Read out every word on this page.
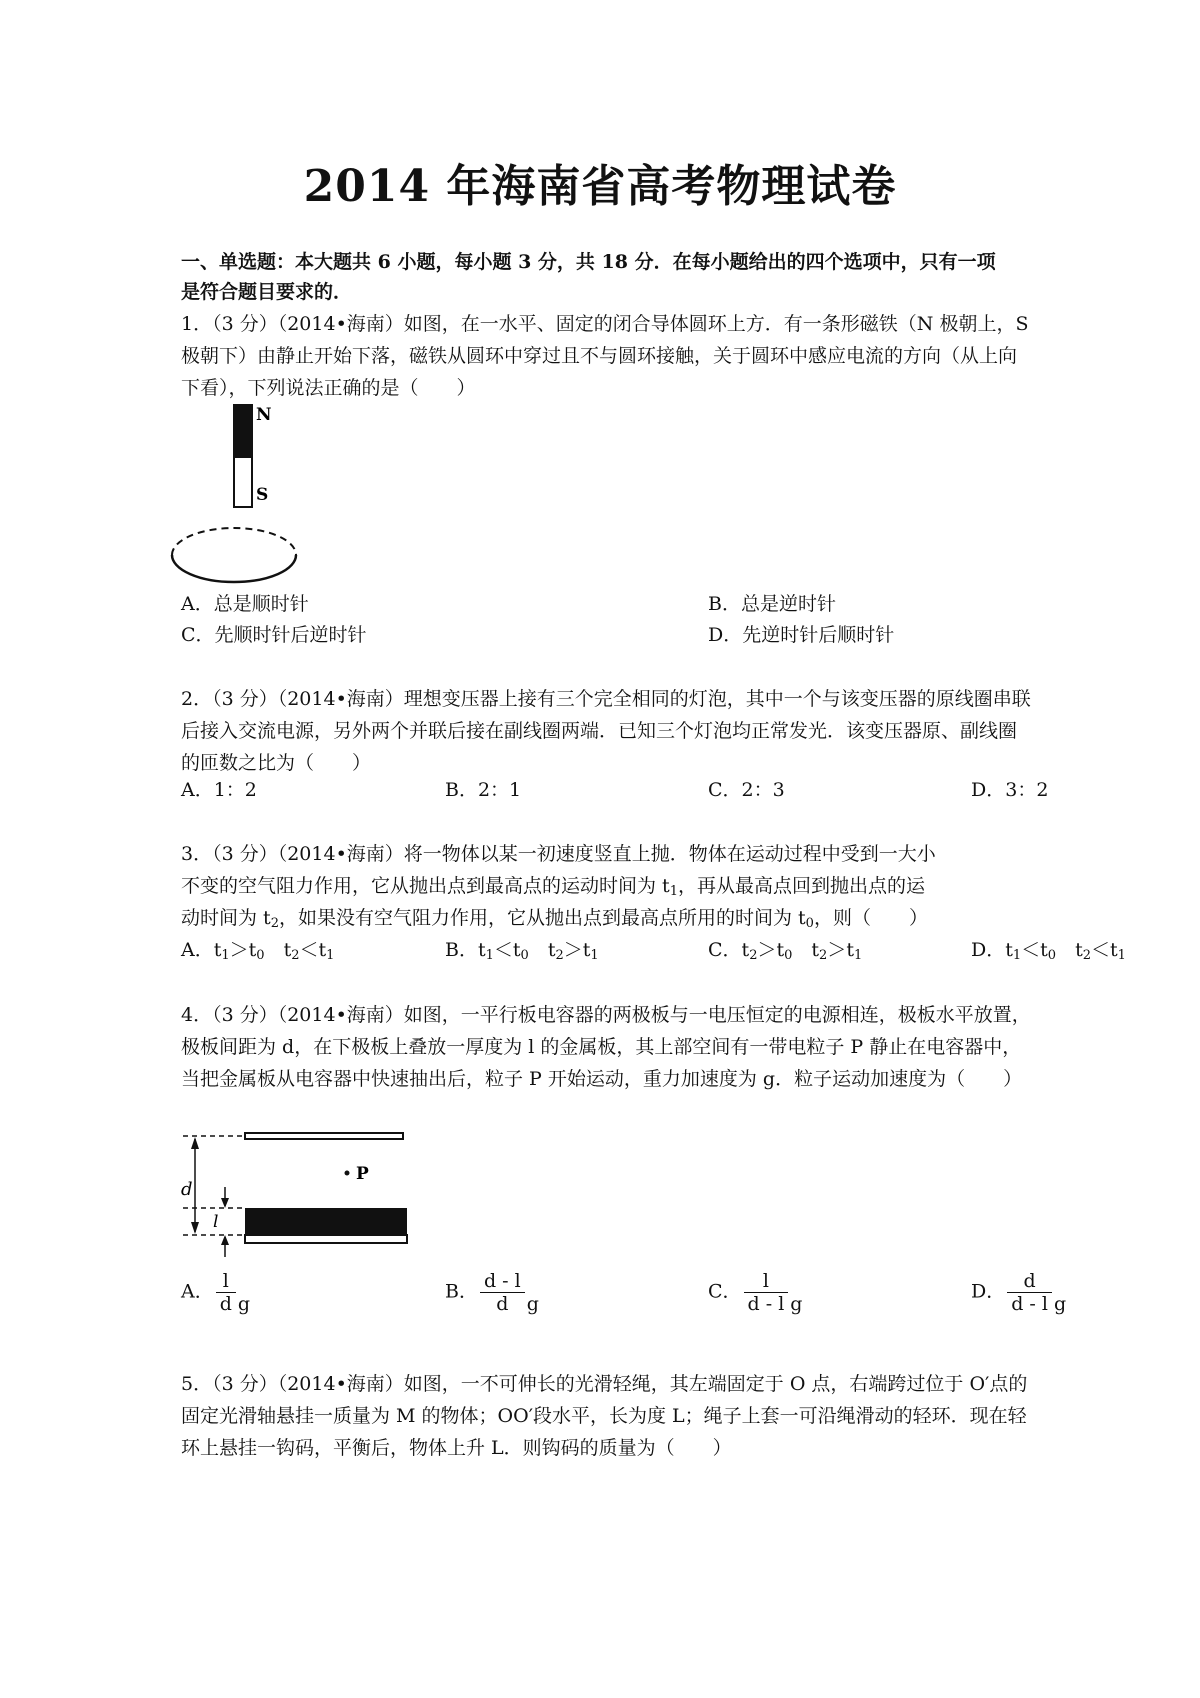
2014 年海南省高考物理试卷
一、单选题：本大题共 6 小题，每小题 3 分，共 18 分．在每小题给出的四个选项中，只有一项是符合题目要求的．
1．（3 分）（2014•海南）如图，在一水平、固定的闭合导体圆环上方．有一条形磁铁（N 极朝上，S 极朝下）由静止开始下落，磁铁从圆环中穿过且不与圆环接触，关于圆环中感应电流的方向（从上向下看），下列说法正确的是（　　）
N
S
A．总是顺时针	B．总是逆时针
C．先顺时针后逆时针	D．先逆时针后顺时针
2．（3 分）（2014•海南）理想变压器上接有三个完全相同的灯泡，其中一个与该变压器的原线圈串联后接入交流电源，另外两个并联后接在副线圈两端．已知三个灯泡均正常发光．该变压器原、副线圈的匝数之比为（　　）
A．1：2	B．2：1	C．2：3	D．3：2
3．（3 分）（2014•海南）将一物体以某一初速度竖直上抛．物体在运动过程中受到一大小
不变的空气阻力作用，它从抛出点到最高点的运动时间为 $t_1$，再从最高点回到抛出点的运
动时间为 $t_2$，如果没有空气阻力作用，它从抛出点到最高点所用的时间为 $t_0$，则（　　）
A．$t_1>t_0$　$t_2<t_1$	B．$t_1<t_0$　$t_2>t_1$	C．$t_2>t_0$　$t_2>t_1$	D．$t_1<t_0$　$t_2<t_1$
4．（3 分）（2014•海南）如图，一平行板电容器的两极板与一电压恒定的电源相连，极板水平放置，极板间距为 d，在下极板上叠放一厚度为 l 的金属板，其上部空间有一带电粒子 P 静止在电容器中，当把金属板从电容器中快速抽出后，粒子 P 开始运动，重力加速度为 g．粒子运动加速度为（　　）
d
l
P
A． $\frac{l}{d}$ g
B． $\frac{d - l}{d}$ g
C． $\frac{l}{d - l}$ g
D． $\frac{d}{d - l}$ g
5．（3 分）（2014•海南）如图，一不可伸长的光滑轻绳，其左端固定于 O 点，右端跨过位于 O′点的固定光滑轴悬挂一质量为 M 的物体；OO′段水平，长为度 L；绳子上套一可沿绳滑动的轻环．现在轻环上悬挂一钩码，平衡后，物体上升 L．则钩码的质量为（　　）
